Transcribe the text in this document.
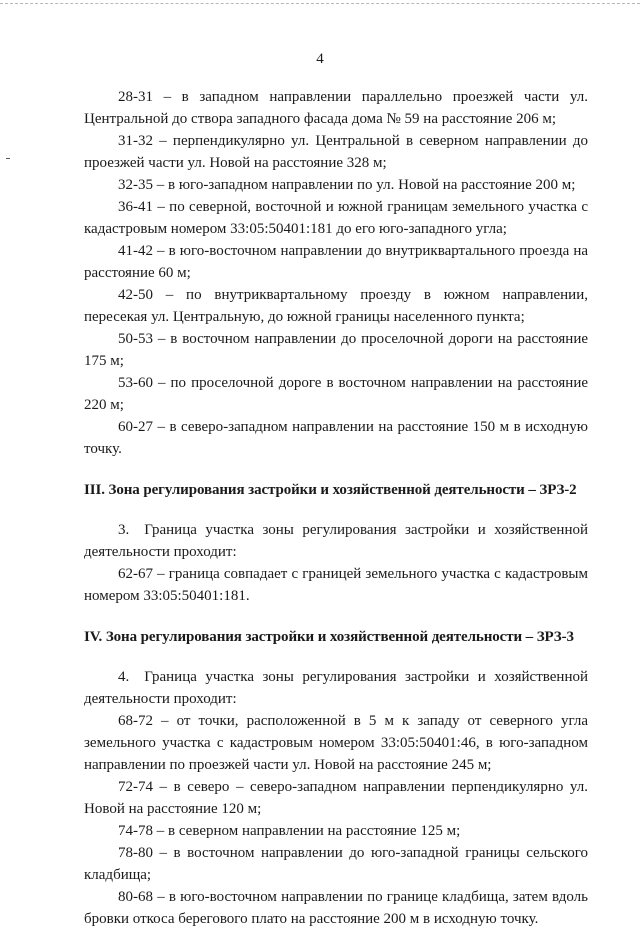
4

28-31 – в западном направлении параллельно проезжей части ул. Центральной до створа западного фасада дома № 59 на расстояние 206 м;

31-32 – перпендикулярно ул. Центральной в северном направлении до проезжей части ул. Новой на расстояние 328 м;

32-35 – в юго-западном направлении по ул. Новой на расстояние 200 м;

36-41 – по северной, восточной и южной границам земельного участка с кадастровым номером 33:05:50401:181 до его юго-западного угла;

41-42 – в юго-восточном направлении до внутриквартального проезда на расстояние 60 м;

42-50 – по внутриквартальному проезду в южном направлении, пересекая ул. Центральную, до южной границы населенного пункта;

50-53 – в восточном направлении до проселочной дороги на расстояние 175 м;

53-60 – по проселочной дороге в восточном направлении на расстояние 220 м;

60-27 – в северо-западном направлении на расстояние 150 м в исходную точку.

III. Зона регулирования застройки и хозяйственной деятельности – ЗРЗ-2

3. Граница участка зоны регулирования застройки и хозяйственной деятельности проходит:

62-67 – граница совпадает с границей земельного участка с кадастровым номером 33:05:50401:181.

IV. Зона регулирования застройки и хозяйственной деятельности – ЗРЗ-3

4. Граница участка зоны регулирования застройки и хозяйственной деятельности проходит:

68-72 – от точки, расположенной в 5 м к западу от северного угла земельного участка с кадастровым номером 33:05:50401:46, в юго-западном направлении по проезжей части ул. Новой на расстояние 245 м;

72-74 – в северо – северо-западном направлении перпендикулярно ул. Новой на расстояние 120 м;

74-78 – в северном направлении на расстояние 125 м;

78-80 – в восточном направлении до юго-западной границы сельского кладбища;

80-68 – в юго-восточном направлении по границе кладбища, затем вдоль бровки откоса берегового плато на расстояние 200 м в исходную точку.
